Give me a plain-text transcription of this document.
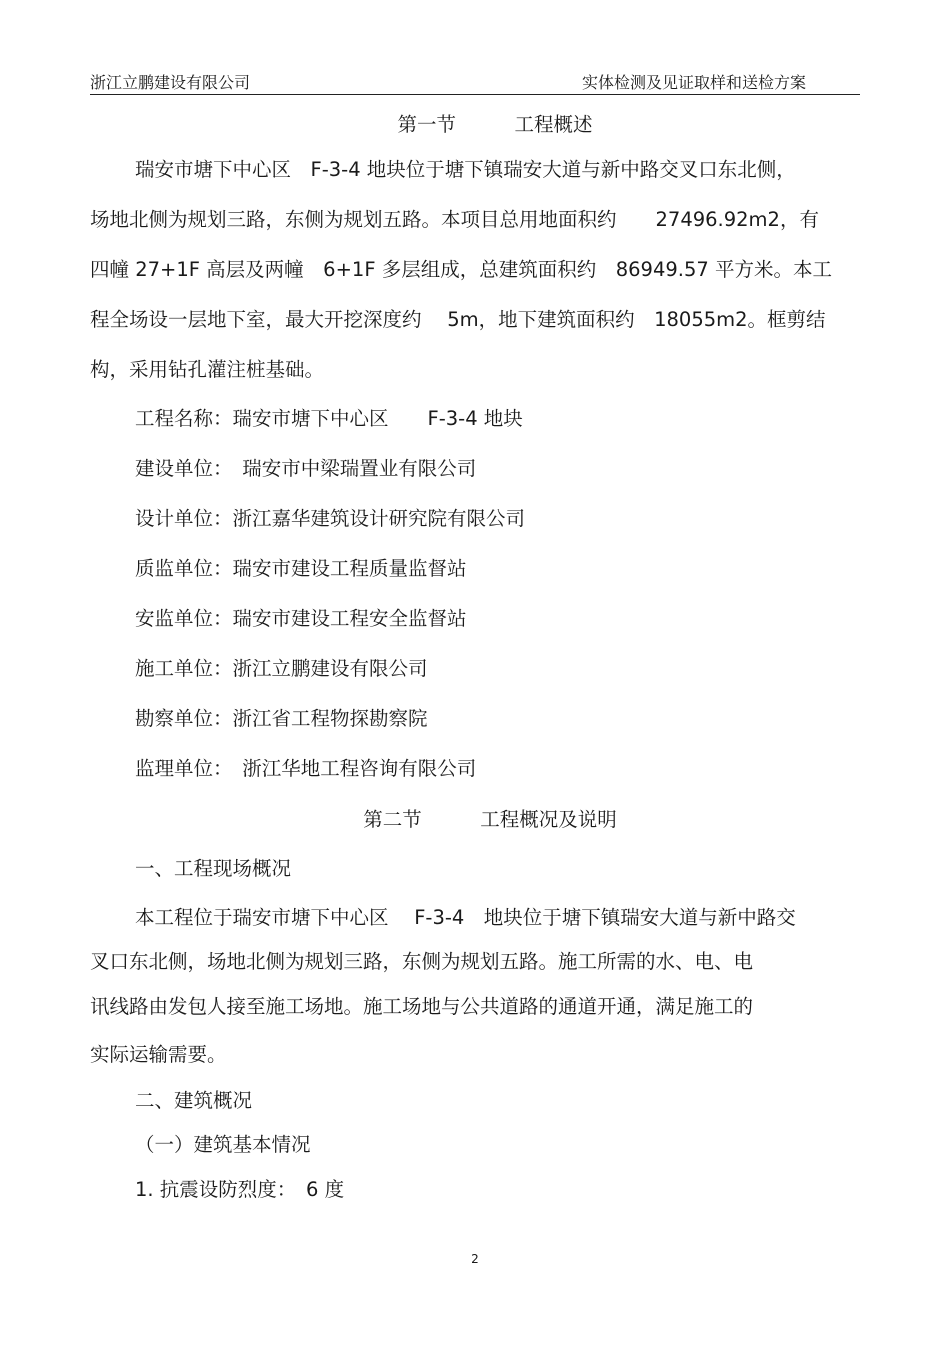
浙江立鹏建设有限公司	实体检测及见证取样和送检方案
第一节　　　工程概述
瑞安市塘下中心区　F-3-4 地块位于塘下镇瑞安大道与新中路交叉口东北侧，
场地北侧为规划三路，东侧为规划五路。本项目总用地面积约　　27496.92m2，有
四幢 27+1F 高层及两幢　6+1F 多层组成，总建筑面积约　86949.57 平方米。本工
程全场设一层地下室，最大开挖深度约　 5m，地下建筑面积约　18055m2。框剪结
构，采用钻孔灌注桩基础。
工程名称：瑞安市塘下中心区　　F-3-4 地块
建设单位：　瑞安市中梁瑞置业有限公司
设计单位：浙江嘉华建筑设计研究院有限公司
质监单位：瑞安市建设工程质量监督站
安监单位：瑞安市建设工程安全监督站
施工单位：浙江立鹏建设有限公司
勘察单位：浙江省工程物探勘察院
监理单位：　浙江华地工程咨询有限公司
第二节　　　工程概况及说明
一、工程现场概况
本工程位于瑞安市塘下中心区　 F-3-4　地块位于塘下镇瑞安大道与新中路交
叉口东北侧，场地北侧为规划三路，东侧为规划五路。施工所需的水、电、电
讯线路由发包人接至施工场地。施工场地与公共道路的通道开通，满足施工的
实际运输需要。
二、建筑概况
（一）建筑基本情况
1. 抗震设防烈度：　6 度
2
